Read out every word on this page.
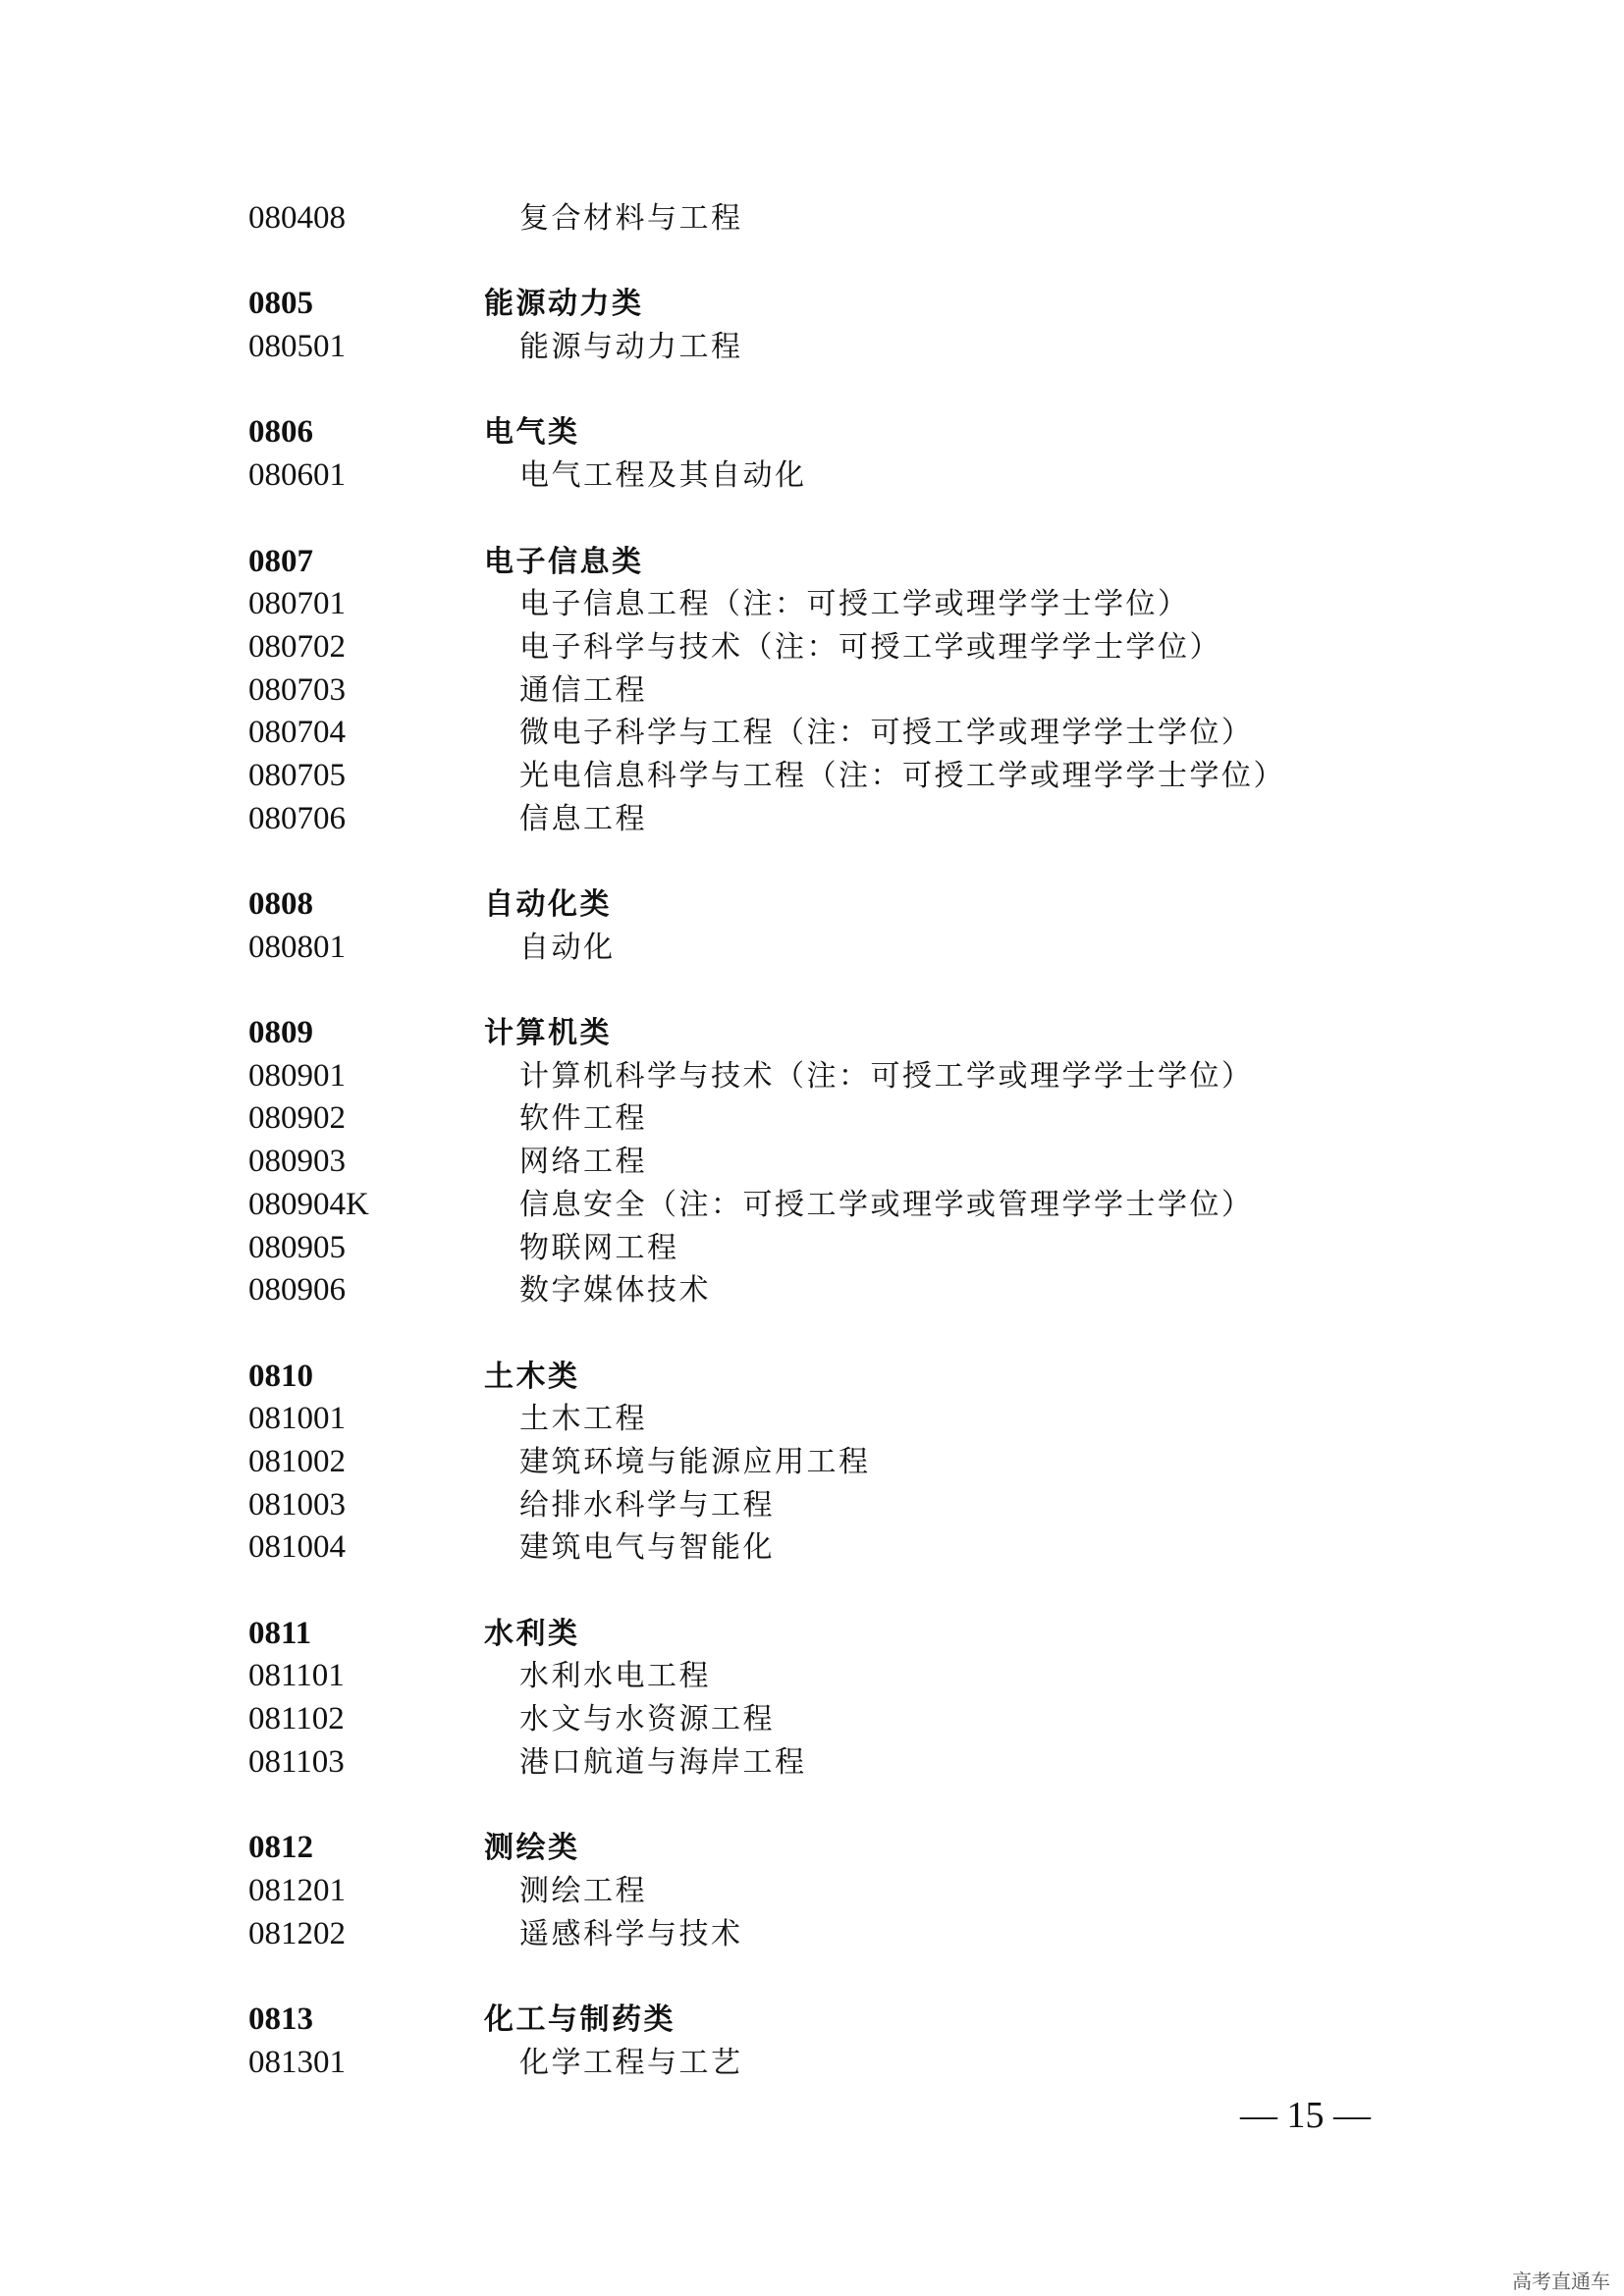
080408	复合材料与工程
0805	能源动力类
080501	能源与动力工程
0806	电气类
080601	电气工程及其自动化
0807	电子信息类
080701	电子信息工程（注：可授工学或理学学士学位）
080702	电子科学与技术（注：可授工学或理学学士学位）
080703	通信工程
080704	微电子科学与工程（注：可授工学或理学学士学位）
080705	光电信息科学与工程（注：可授工学或理学学士学位）
080706	信息工程
0808	自动化类
080801	自动化
0809	计算机类
080901	计算机科学与技术（注：可授工学或理学学士学位）
080902	软件工程
080903	网络工程
080904K	信息安全（注：可授工学或理学或管理学学士学位）
080905	物联网工程
080906	数字媒体技术
0810	土木类
081001	土木工程
081002	建筑环境与能源应用工程
081003	给排水科学与工程
081004	建筑电气与智能化
0811	水利类
081101	水利水电工程
081102	水文与水资源工程
081103	港口航道与海岸工程
0812	测绘类
081201	测绘工程
081202	遥感科学与技术
0813	化工与制药类
081301	化学工程与工艺
— 15 —
高考直通车
